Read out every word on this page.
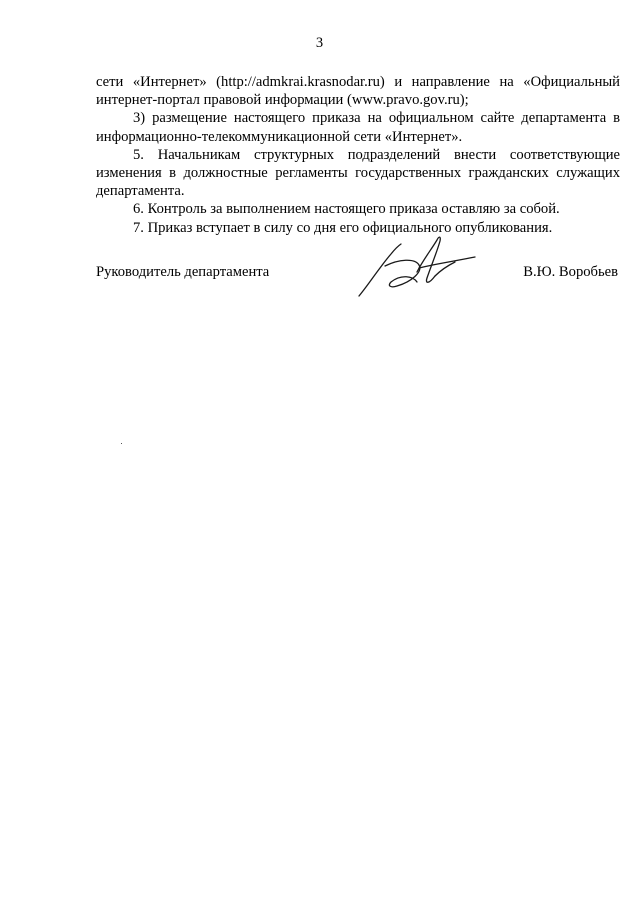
3

сети «Интернет» (http://admkrai.krasnodar.ru) и направление на «Официальный интернет-портал правовой информации (www.pravo.gov.ru);

3) размещение настоящего приказа на официальном сайте департамента в информационно-телекоммуникационной сети «Интернет».

5. Начальникам структурных подразделений внести соответствующие изменения в должностные регламенты государственных гражданских служащих департамента.

6. Контроль за выполнением настоящего приказа оставляю за собой.

7. Приказ вступает в силу со дня его официального опубликования.

Руководитель департамента	В.Ю. Воробьев
